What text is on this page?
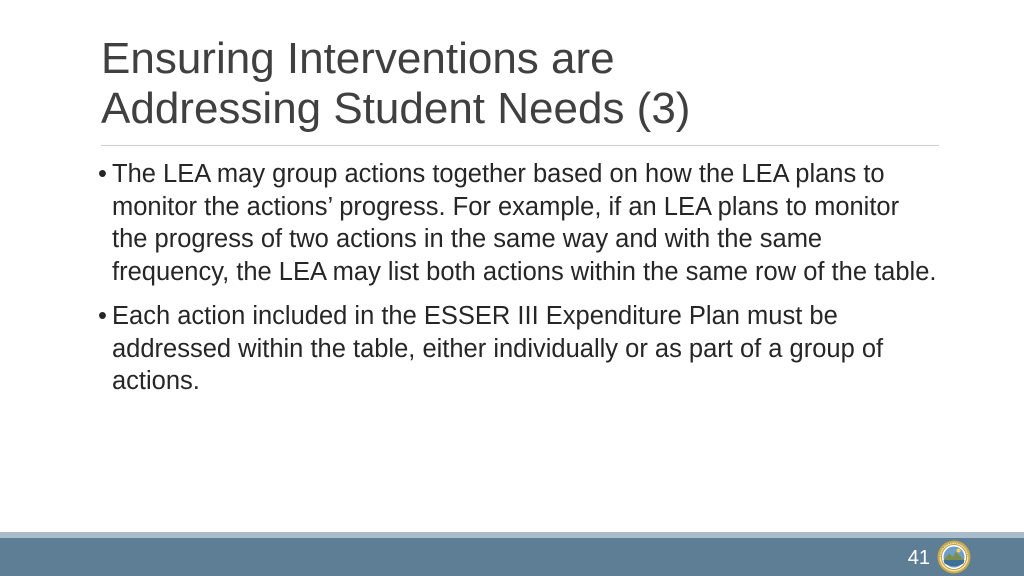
Ensuring Interventions are
Addressing Student Needs (3)
• The LEA may group actions together based on how the LEA plans to monitor the actions’ progress. For example, if an LEA plans to monitor the progress of two actions in the same way and with the same frequency, the LEA may list both actions within the same row of the table.
• Each action included in the ESSER III Expenditure Plan must be addressed within the table, either individually or as part of a group of actions.
41
